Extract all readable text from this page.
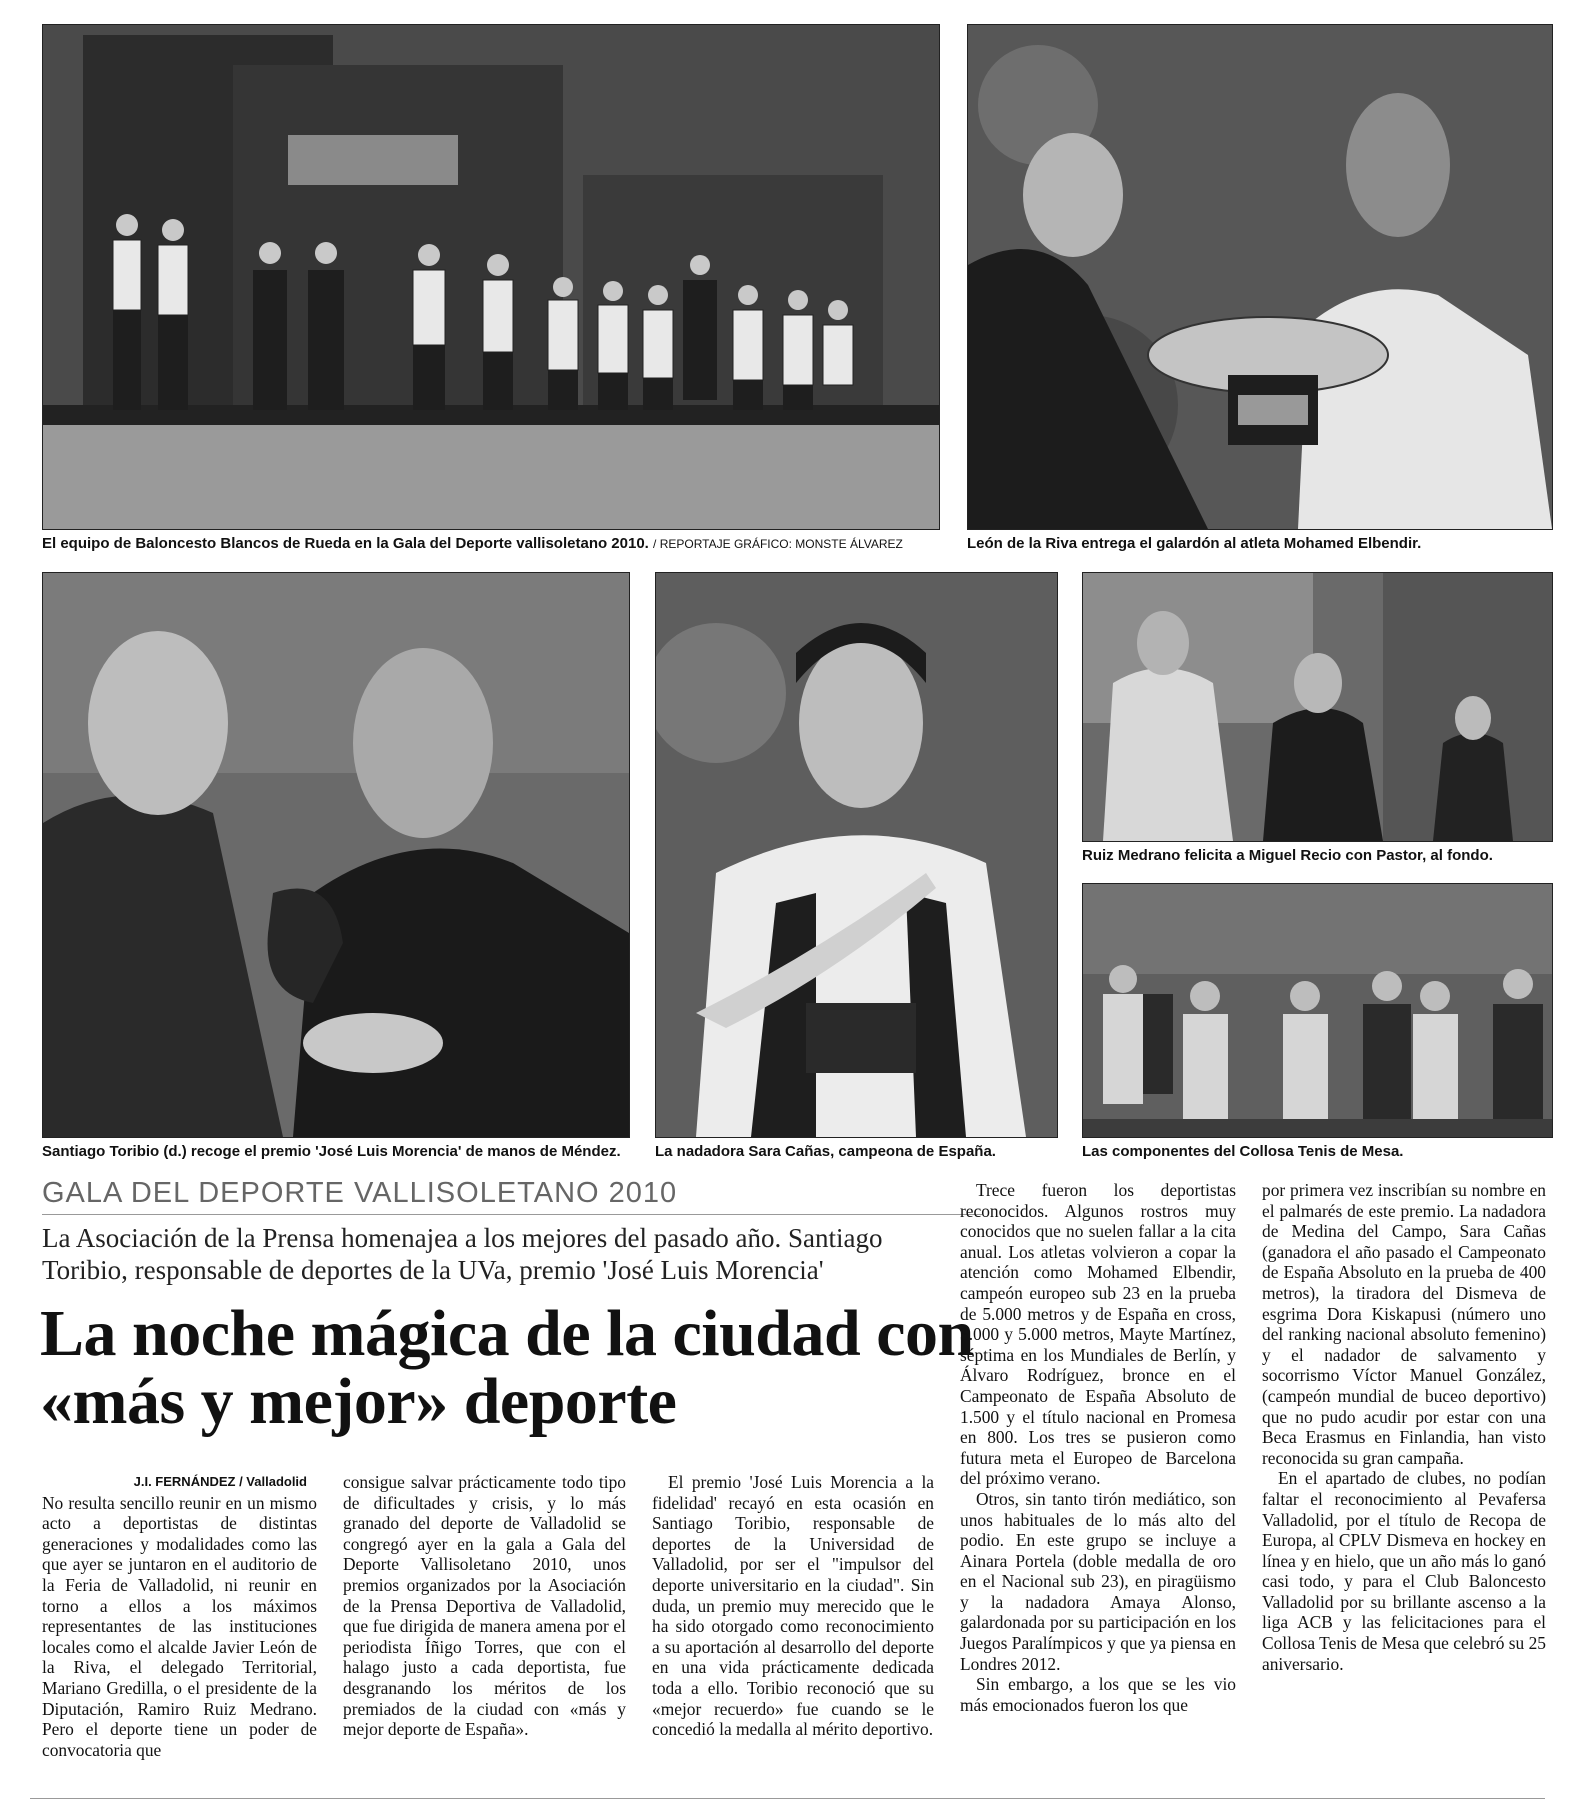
El equipo de Baloncesto Blancos de Rueda en la Gala del Deporte vallisoletano 2010. / REPORTAJE GRÁFICO: MONSTE ÁLVAREZ	León de la Riva entrega el galardón al atleta Mohamed Elbendir.
Santiago Toribio (d.) recoge el premio 'José Luis Morencia' de manos de Méndez. La nadadora Sara Cañas, campeona de España.
Ruiz Medrano felicita a Miguel Recio con Pastor, al fondo.
Las componentes del Collosa Tenis de Mesa.
GALA DEL DEPORTE VALLISOLETANO 2010
La Asociación de la Prensa homenajea a los mejores del pasado año. Santiago Toribio, responsable de deportes de la UVa, premio 'José Luis Morencia'
La noche mágica de la ciudad con «más y mejor» deporte
J.I. FERNÁNDEZ / Valladolid

No resulta sencillo reunir en un mismo acto a deportistas de distintas generaciones y modalidades como las que ayer se juntaron en el auditorio de la Feria de Valladolid, ni reunir en torno a ellos a los máximos representantes de las instituciones locales como el alcalde Javier León de la Riva, el delegado Territorial, Mariano Gredilla, o el presidente de la Diputación, Ramiro Ruiz Medrano. Pero el deporte tiene un poder de convocatoria que

consigue salvar prácticamente todo tipo de dificultades y crisis, y lo más granado del deporte de Valladolid se congregó ayer en la gala a Gala del Deporte Vallisoletano 2010, unos premios organizados por la Asociación de la Prensa Deportiva de Valladolid, que fue dirigida de manera amena por el periodista Íñigo Torres, que con el halago justo a cada deportista, fue desgranando los méritos de los premiados de la ciudad con «más y mejor deporte de España».

El premio 'José Luis Morencia a la fidelidad' recayó en esta ocasión en Santiago Toribio, responsable de deportes de la Universidad de Valladolid, por ser el "impulsor del deporte universitario en la ciudad". Sin duda, un premio muy merecido que le ha sido otorgado como reconocimiento a su aportación al desarrollo del deporte en una vida prácticamente dedicada toda a ello. Toribio reconoció que su «mejor recuerdo» fue cuando se le concedió la medalla al mérito deportivo.

Trece fueron los deportistas reconocidos. Algunos rostros muy conocidos que no suelen fallar a la cita anual. Los atletas volvieron a copar la atención como Mohamed Elbendir, campeón europeo sub 23 en la prueba de 5.000 metros y de España en cross, 3.000 y 5.000 metros, Mayte Martínez, séptima en los Mundiales de Berlín, y Álvaro Rodríguez, bronce en el Campeonato de España Absoluto de 1.500 y el título nacional en Promesa en 800. Los tres se pusieron como futura meta el Europeo de Barcelona del próximo verano.

Otros, sin tanto tirón mediático, son unos habituales de lo más alto del podio. En este grupo se incluye a Ainara Portela (doble medalla de oro en el Nacional sub 23), en piragüismo y la nadadora Amaya Alonso, galardonada por su participación en los Juegos Paralímpicos y que ya piensa en Londres 2012.

Sin embargo, a los que se les vio más emocionados fueron los que

por primera vez inscribían su nombre en el palmarés de este premio. La nadadora de Medina del Campo, Sara Cañas (ganadora el año pasado el Campeonato de España Absoluto en la prueba de 400 metros), la tiradora del Dismeva de esgrima Dora Kiskapusi (número uno del ranking nacional absoluto femenino) y el nadador de salvamento y socorrismo Víctor Manuel González, (campeón mundial de buceo deportivo) que no pudo acudir por estar con una Beca Erasmus en Finlandia, han visto reconocida su gran campaña.

En el apartado de clubes, no podían faltar el reconocimiento al Pevafersa Valladolid, por el título de Recopa de Europa, al CPLV Dismeva en hockey en línea y en hielo, que un año más lo ganó casi todo, y para el Club Baloncesto Valladolid por su brillante ascenso a la liga ACB y las felicitaciones para el Collosa Tenis de Mesa que celebró su 25 aniversario.
